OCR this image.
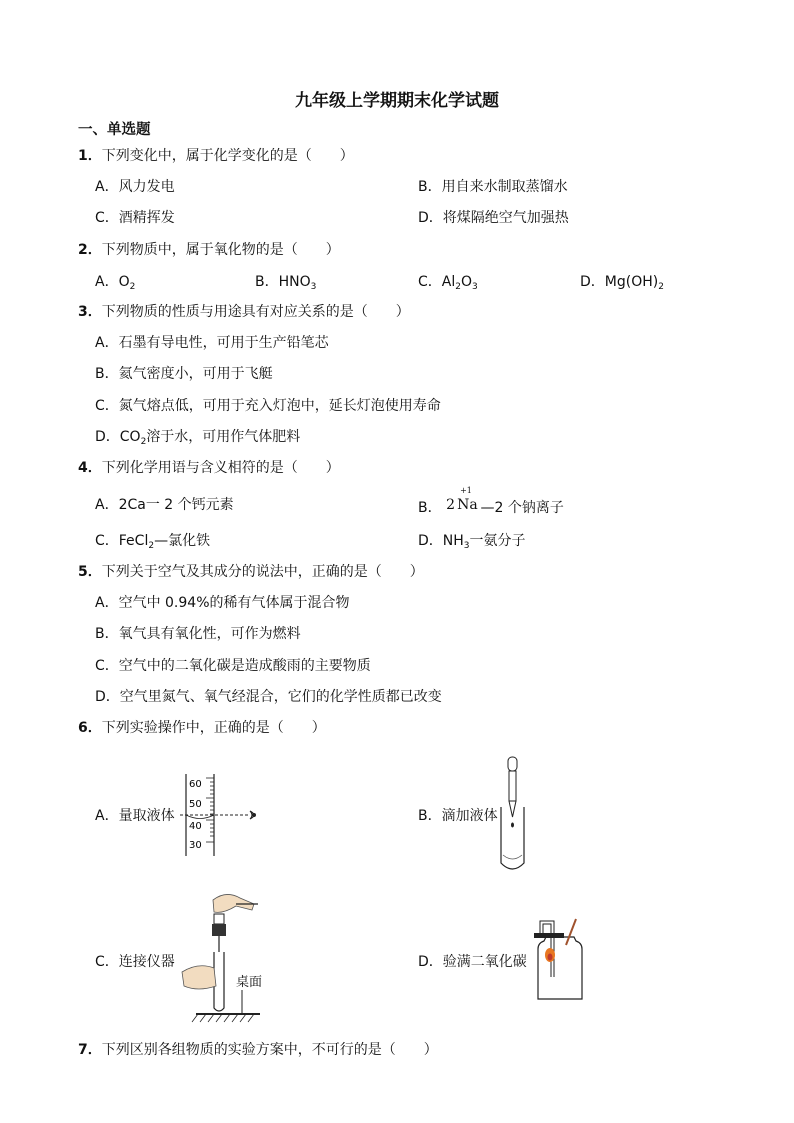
九年级上学期期末化学试题
一、单选题
1．下列变化中，属于化学变化的是（　　）
A．风力发电	B．用自来水制取蒸馏水
C．酒精挥发	D．将煤隔绝空气加强热
2．下列物质中，属于氧化物的是（　　）
A．$O_2$	B．$HNO_3$	C．$Al_2O_3$	D．$Mg(OH)_2$
3．下列物质的性质与用途具有对应关系的是（　　）
A．石墨有导电性，可用于生产铅笔芯
B．氦气密度小，可用于飞艇
C．氮气熔点低，可用于充入灯泡中，延长灯泡使用寿命
D．$CO_2$溶于水，可用作气体肥料
4．下列化学用语与含义相符的是（　　）
A．2Ca一 2 个钙元素	B． 2
+1
Na —2 个钠离子
C．FeCl$_2$—氯化铁	D．$NH_3$一氨分子
5．下列关于空气及其成分的说法中，正确的是（　　）
A．空气中 0.94%的稀有气体属于混合物
B．氧气具有氧化性，可作为燃料
C．空气中的二氧化碳是造成酸雨的主要物质
D．空气里氮气、氧气经混合，它们的化学性质都已改变
6．下列实验操作中，正确的是（　　）
A．量取液体
60
50
40
30
B．滴加液体
C．连接仪器
桌面
D．验满二氧化碳
7．下列区别各组物质的实验方案中，不可行的是（　　）
